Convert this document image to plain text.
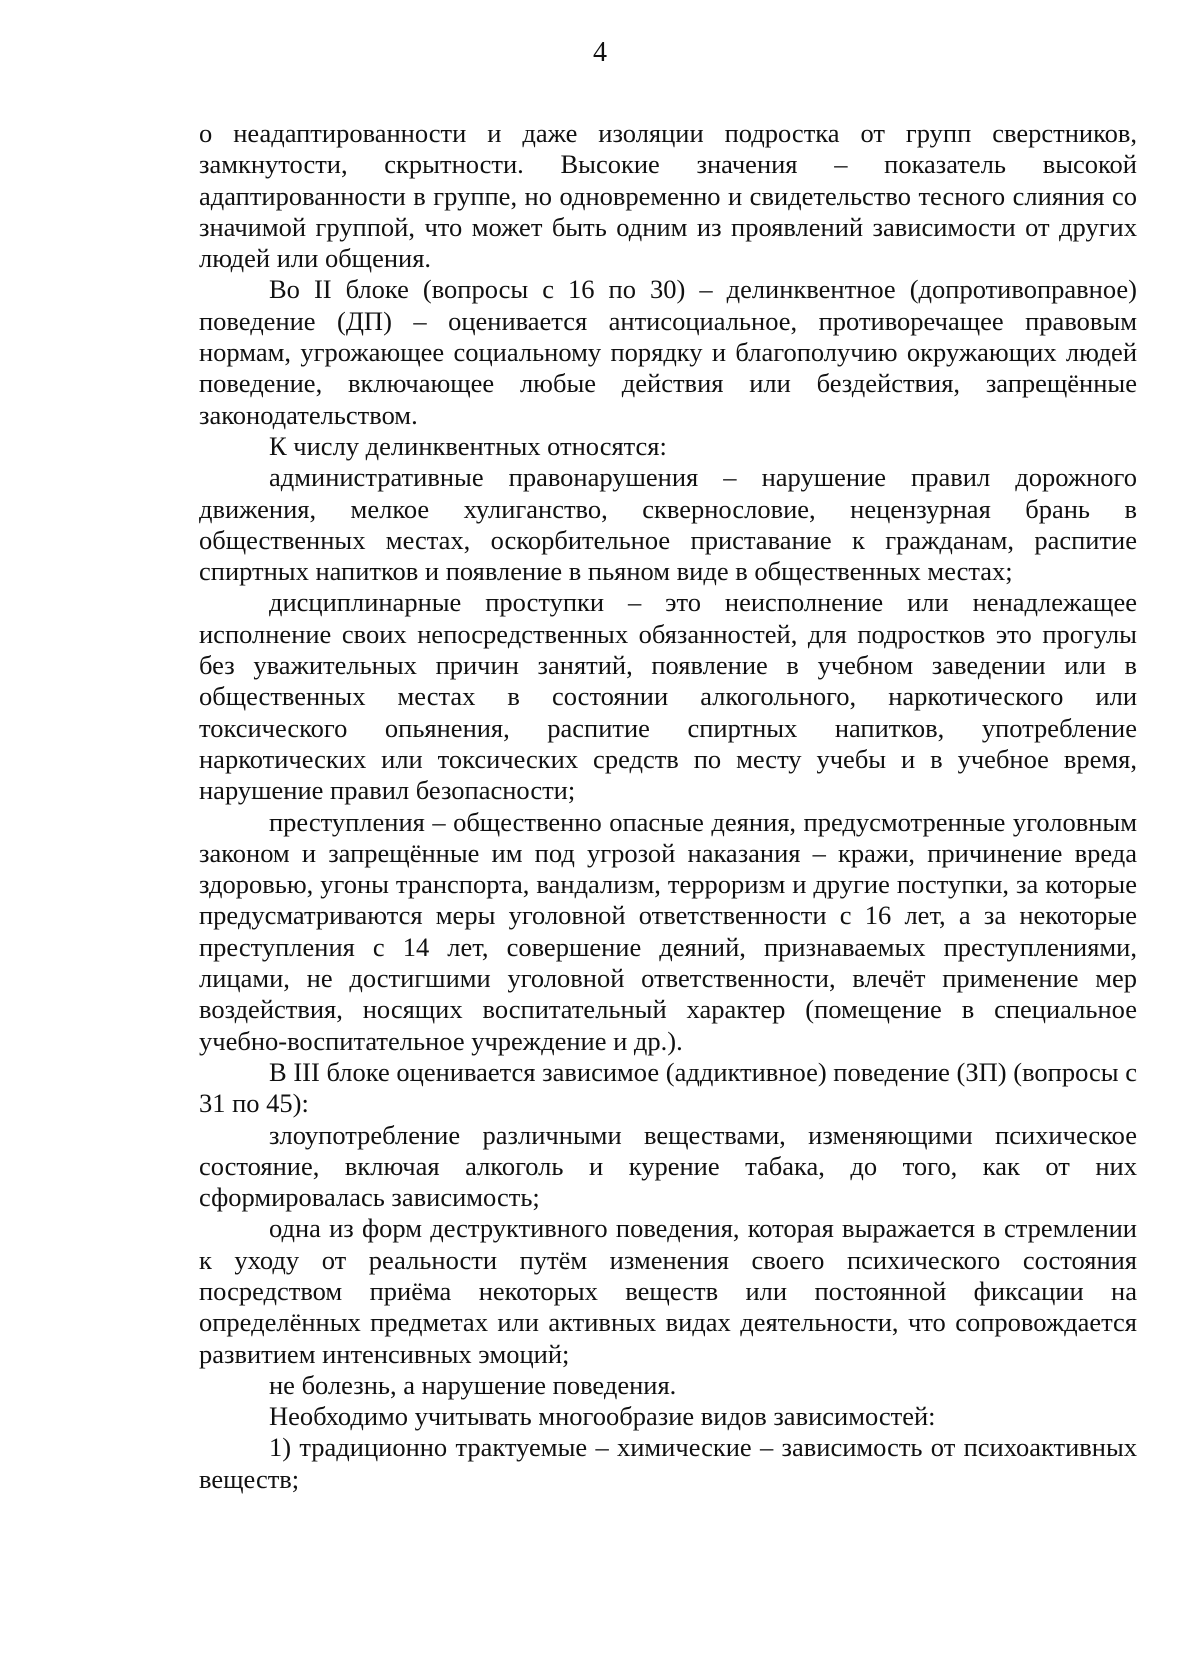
4

о неадаптированности и даже изоляции подростка от групп сверстников, замкнутости, скрытности. Высокие значения – показатель высокой адаптированности в группе, но одновременно и свидетельство тесного слияния со значимой группой, что может быть одним из проявлений зависимости от других людей или общения.

Во II блоке (вопросы с 16 по 30) – делинквентное (допротивоправное) поведение (ДП) – оценивается антисоциальное, противоречащее правовым нормам, угрожающее социальному порядку и благополучию окружающих людей поведение, включающее любые действия или бездействия, запрещённые законодательством.

К числу делинквентных относятся:

административные правонарушения – нарушение правил дорожного движения, мелкое хулиганство, сквернословие, нецензурная брань в общественных местах, оскорбительное приставание к гражданам, распитие спиртных напитков и появление в пьяном виде в общественных местах;

дисциплинарные проступки – это неисполнение или ненадлежащее исполнение своих непосредственных обязанностей, для подростков это прогулы без уважительных причин занятий, появление в учебном заведении или в общественных местах в состоянии алкогольного, наркотического или токсического опьянения, распитие спиртных напитков, употребление наркотических или токсических средств по месту учебы и в учебное время, нарушение правил безопасности;

преступления – общественно опасные деяния, предусмотренные уголовным законом и запрещённые им под угрозой наказания – кражи, причинение вреда здоровью, угоны транспорта, вандализм, терроризм и другие поступки, за которые предусматриваются меры уголовной ответственности с 16 лет, а за некоторые преступления с 14 лет, совершение деяний, признаваемых преступлениями, лицами, не достигшими уголовной ответственности, влечёт применение мер воздействия, носящих воспитательный характер (помещение в специальное учебно-воспитательное учреждение и др.).

В III блоке оценивается зависимое (аддиктивное) поведение (ЗП) (вопросы с 31 по 45):

злоупотребление различными веществами, изменяющими психическое состояние, включая алкоголь и курение табака, до того, как от них сформировалась зависимость;

одна из форм деструктивного поведения, которая выражается в стремлении к уходу от реальности путём изменения своего психического состояния посредством приёма некоторых веществ или постоянной фиксации на определённых предметах или активных видах деятельности, что сопровождается развитием интенсивных эмоций;

не болезнь, а нарушение поведения.

Необходимо учитывать многообразие видов зависимостей:

1) традиционно трактуемые – химические – зависимость от психоактивных веществ;
